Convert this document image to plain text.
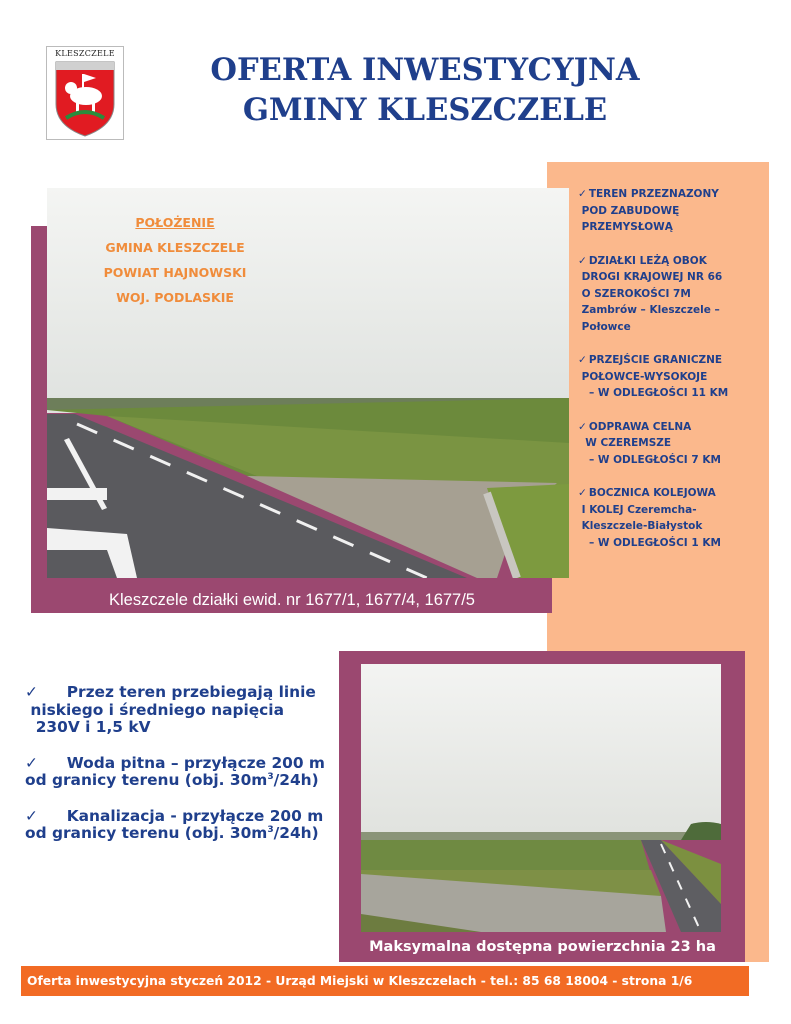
KLESZCZELE	OFERTA INWESTYCYJNA
GMINY KLESZCZELE
Kleszczele działki ewid. nr 1677/1, 1677/4, 1677/5
POŁOŻENIE
GMINA KLESZCZELE
POWIAT HAJNOWSKI
WOJ. PODLASKIE
✓ TEREN PRZEZNAZONY
POD ZABUDOWĘ
PRZEMYSŁOWĄ
✓ DZIAŁKI LEŻĄ OBOK
DROGI KRAJOWEJ NR 66
O SZEROKOŚCI 7M
Zambrów – Kleszczele –
Połowce
✓ PRZEJŚCIE GRANICZNE
POŁOWCE-WYSOKOJE
– W ODLEGŁOŚCI 11 KM
✓ ODPRAWA CELNA
W CZEREMSZE
– W ODLEGŁOŚCI 7 KM
✓ BOCZNICA KOLEJOWA
I KOLEJ Czeremcha-
Kleszczele-Białystok
– W ODLEGŁOŚCI 1 KM
✓ Przez teren przebiegają linie
niskiego i średniego napięcia
230V i 1,5 kV
✓ Woda pitna – przyłącze 200 m
od granicy terenu (obj. $30m^3/24h$)
✓ Kanalizacja - przyłącze 200 m
od granicy terenu (obj. $30m^3/24h$)
Maksymalna dostępna powierzchnia 23 ha
Oferta inwestycyjna styczeń 2012 - Urząd Miejski w Kleszczelach - tel.: 85 68 18004 - strona 1/6
